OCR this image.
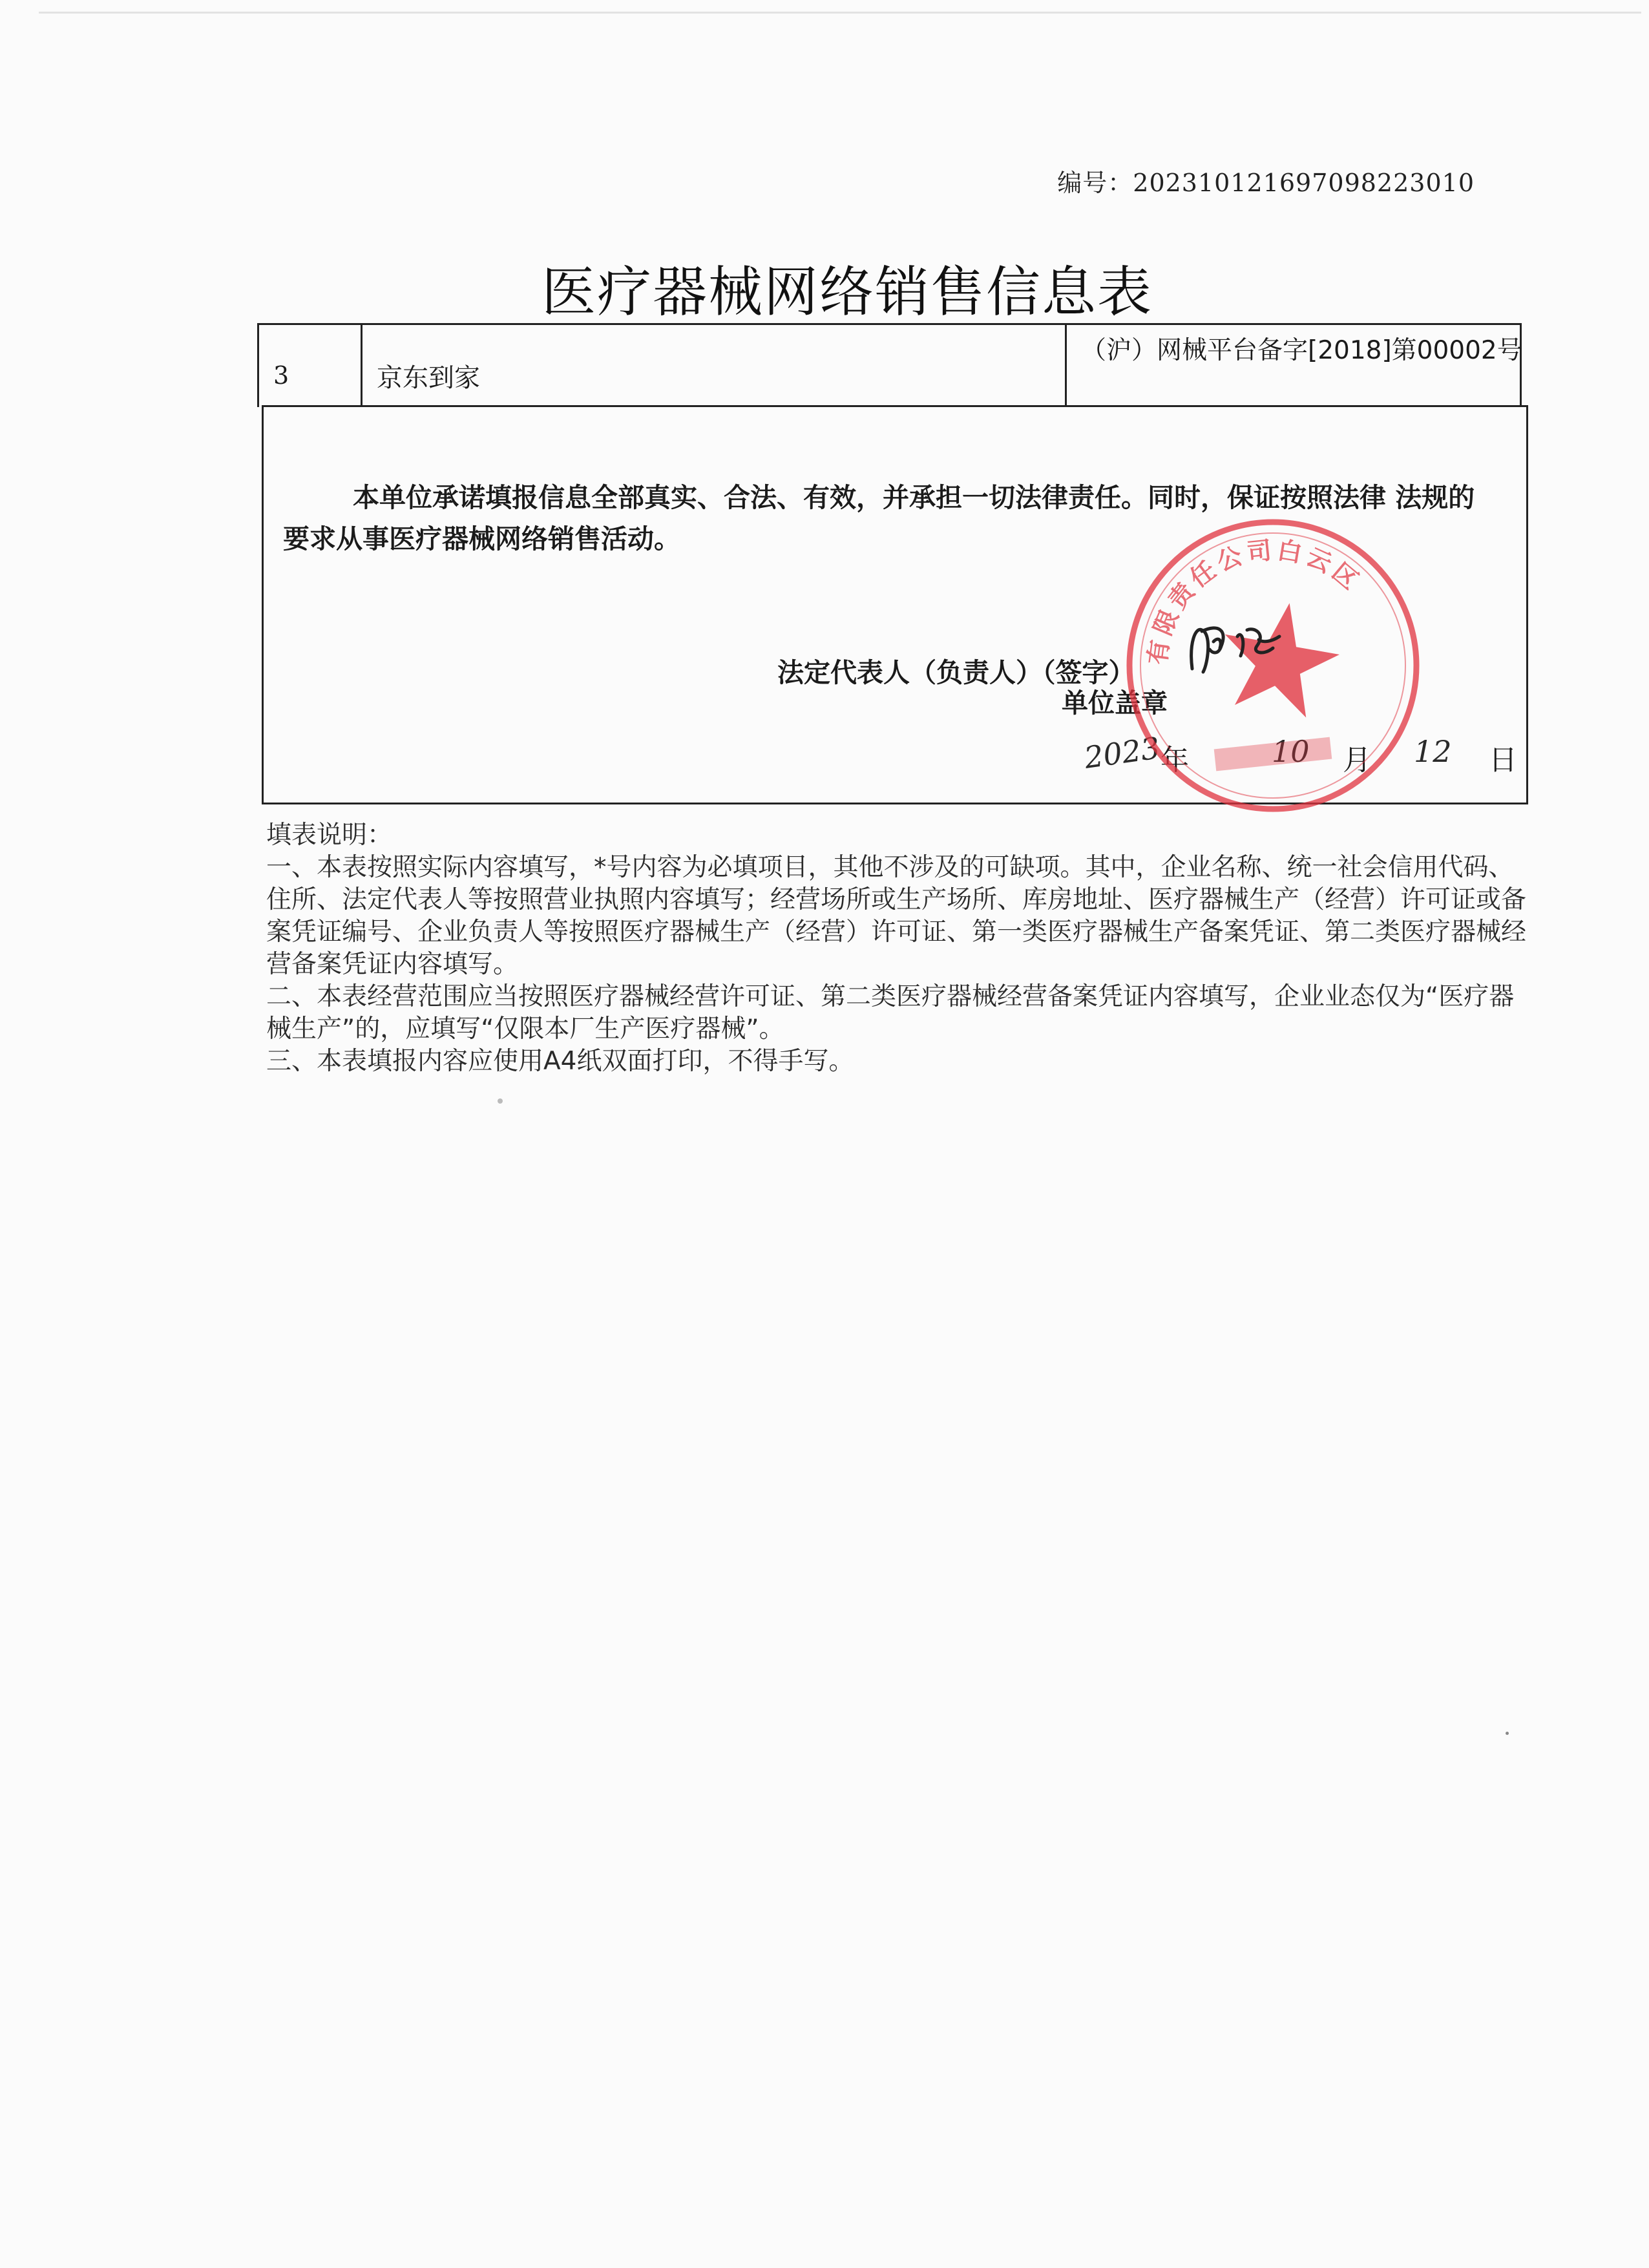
编号：202310121697098223010
医疗器械网络销售信息表
3	京东到家
（沪）网械平台备字[2018]第00002号
本单位承诺填报信息全部真实、合法、有效，并承担一切法律责任。同时，保证按照法律 法规的要求从事医疗器械网络销售活动。
法定代表人（负责人）（签字）
单位盖章
2023
年	10 月 12 日
有限责任公司白云区

填表说明：

一、本表按照实际内容填写，*号内容为必填项目，其他不涉及的可缺项。其中，企业名称、统一社会信用代码、住所、法定代表人等按照营业执照内容填写；经营场所或生产场所、库房地址、医疗器械生产（经营）许可证或备案凭证编号、企业负责人等按照医疗器械生产（经营）许可证、第一类医疗器械生产备案凭证、第二类医疗器械经营备案凭证内容填写。

二、本表经营范围应当按照医疗器械经营许可证、第二类医疗器械经营备案凭证内容填写，企业业态仅为“医疗器械生产”的，应填写“仅限本厂生产医疗器械”。

三、本表填报内容应使用A4纸双面打印，不得手写。
